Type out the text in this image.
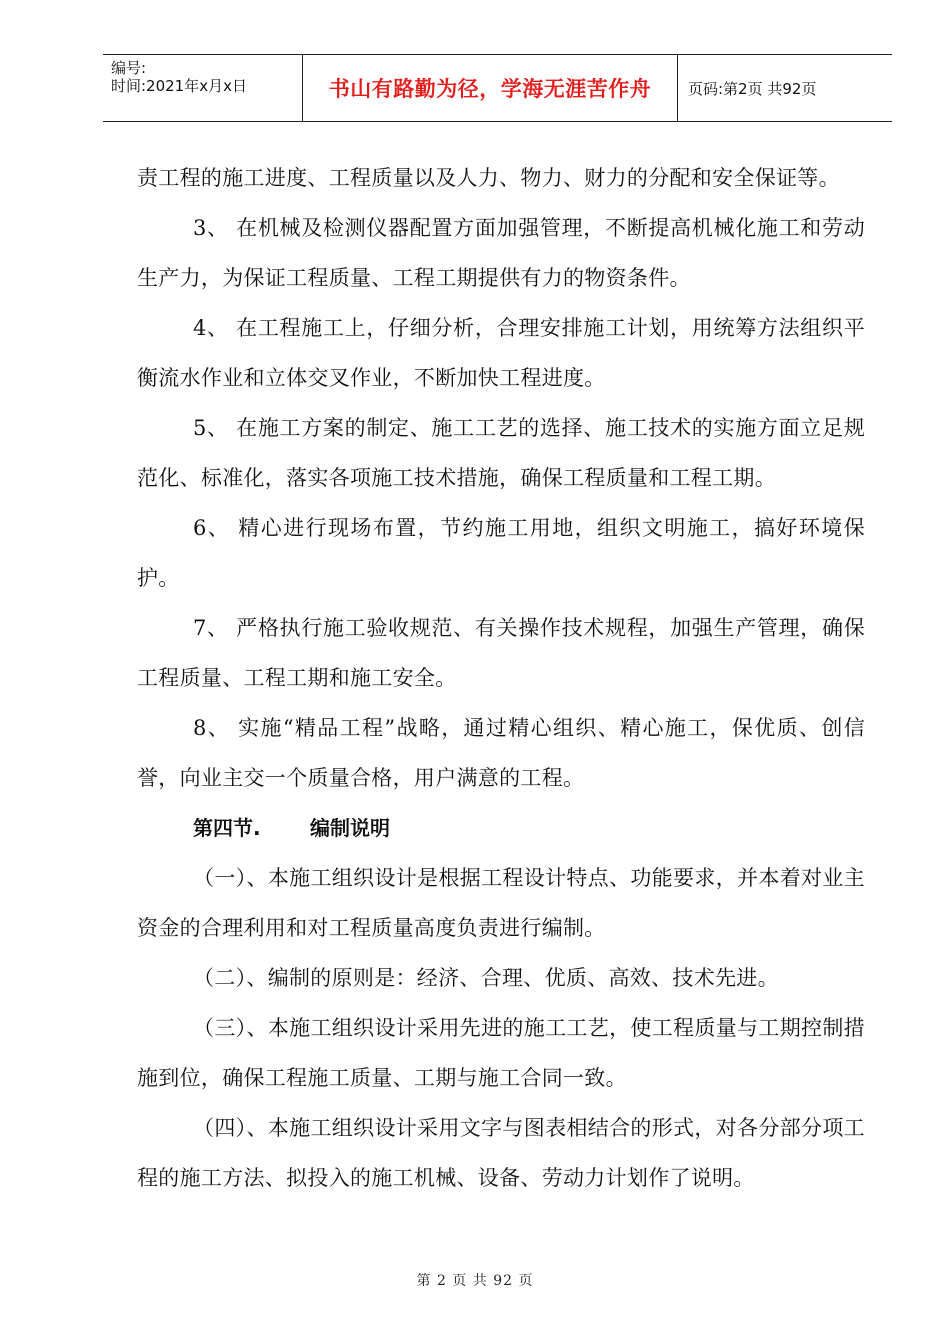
编号:
时间:2021年x月x日	书山有路勤为径，学海无涯苦作舟	页码:第2页 共92页

责工程的施工进度、工程质量以及人力、物力、财力的分配和安全保证等。

3、 在机械及检测仪器配置方面加强管理，不断提高机械化施工和劳动生产力，为保证工程质量、工程工期提供有力的物资条件。

4、 在工程施工上，仔细分析，合理安排施工计划，用统筹方法组织平衡流水作业和立体交叉作业，不断加快工程进度。

5、 在施工方案的制定、施工工艺的选择、施工技术的实施方面立足规范化、标准化，落实各项施工技术措施，确保工程质量和工程工期。

6、 精心进行现场布置，节约施工用地，组织文明施工，搞好环境保护。

7、 严格执行施工验收规范、有关操作技术规程，加强生产管理，确保工程质量、工程工期和施工安全。

8、 实施“精品工程”战略，通过精心组织、精心施工，保优质、创信誉，向业主交一个质量合格，用户满意的工程。

第四节. 编制说明

（一）、本施工组织设计是根据工程设计特点、功能要求，并本着对业主资金的合理利用和对工程质量高度负责进行编制。

（二）、编制的原则是：经济、合理、优质、高效、技术先进。

（三）、本施工组织设计采用先进的施工工艺，使工程质量与工期控制措施到位，确保工程施工质量、工期与施工合同一致。

（四）、本施工组织设计采用文字与图表相结合的形式，对各分部分项工程的施工方法、拟投入的施工机械、设备、劳动力计划作了说明。

第 2 页 共 92 页
